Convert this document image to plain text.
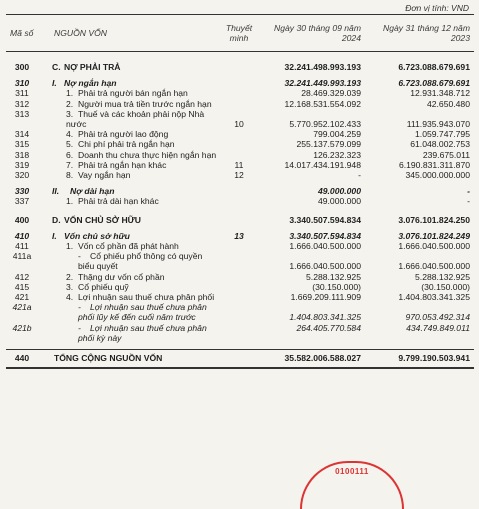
Đơn vị tính: VND
Mã số	NGUỒN VỐN	Thuyết minh	Ngày 30 tháng 09 năm 2024	Ngày 31 tháng 12 năm 2023

300	C. NỢ PHẢI TRẢ		32.241.498.993.193	6.723.088.679.691

310	I. Nợ ngắn hạn		32.241.449.993.193	6.723.088.679.691
311	1. Phải trả người bán ngắn hạn		28.469.329.039	12.931.348.712
312	2. Người mua trả tiền trước ngắn hạn		12.168.531.554.092	42.650.480
313	3. Thuế và các khoản phải nộp Nhà nước	10	5.770.952.102.433	111.935.943.070
314	4. Phải trả người lao động		799.004.259	1.059.747.795
315	5. Chi phí phải trả ngắn hạn		255.137.579.099	61.048.002.753
318	6. Doanh thu chưa thực hiện ngắn hạn		126.232.323	239.675.011
319	7. Phải trả ngắn hạn khác	11	14.017.434.191.948	6.190.831.311.870
320	8. Vay ngắn hạn	12	-	345.000.000.000

330	II. Nợ dài hạn		49.000.000	-
337	1. Phải trả dài hạn khác		49.000.000	-

400	D. VỐN CHỦ SỞ HỮU		3.340.507.594.834	3.076.101.824.250

410	I. Vốn chủ sở hữu	13	3.340.507.594.834	3.076.101.824.249
411	1. Vốn cổ phần đã phát hành		1.666.040.500.000	1.666.040.500.000
411a	- Cổ phiếu phổ thông có quyền biểu quyết		1.666.040.500.000	1.666.040.500.000
412	2. Thặng dư vốn cổ phần		5.288.132.925	5.288.132.925
415	3. Cổ phiếu quỹ		(30.150.000)	(30.150.000)
421	4. Lợi nhuận sau thuế chưa phân phối		1.669.209.111.909	1.404.803.341.325
421a	- Lợi nhuận sau thuế chưa phân phối lũy kế đến cuối năm trước		1.404.803.341.325	970.053.492.314
421b	- Lợi nhuận sau thuế chưa phân phối kỳ này		264.405.770.584	434.749.849.011

440	TỔNG CỘNG NGUỒN VỐN		35.582.006.588.027	9.799.190.503.941
0100111
